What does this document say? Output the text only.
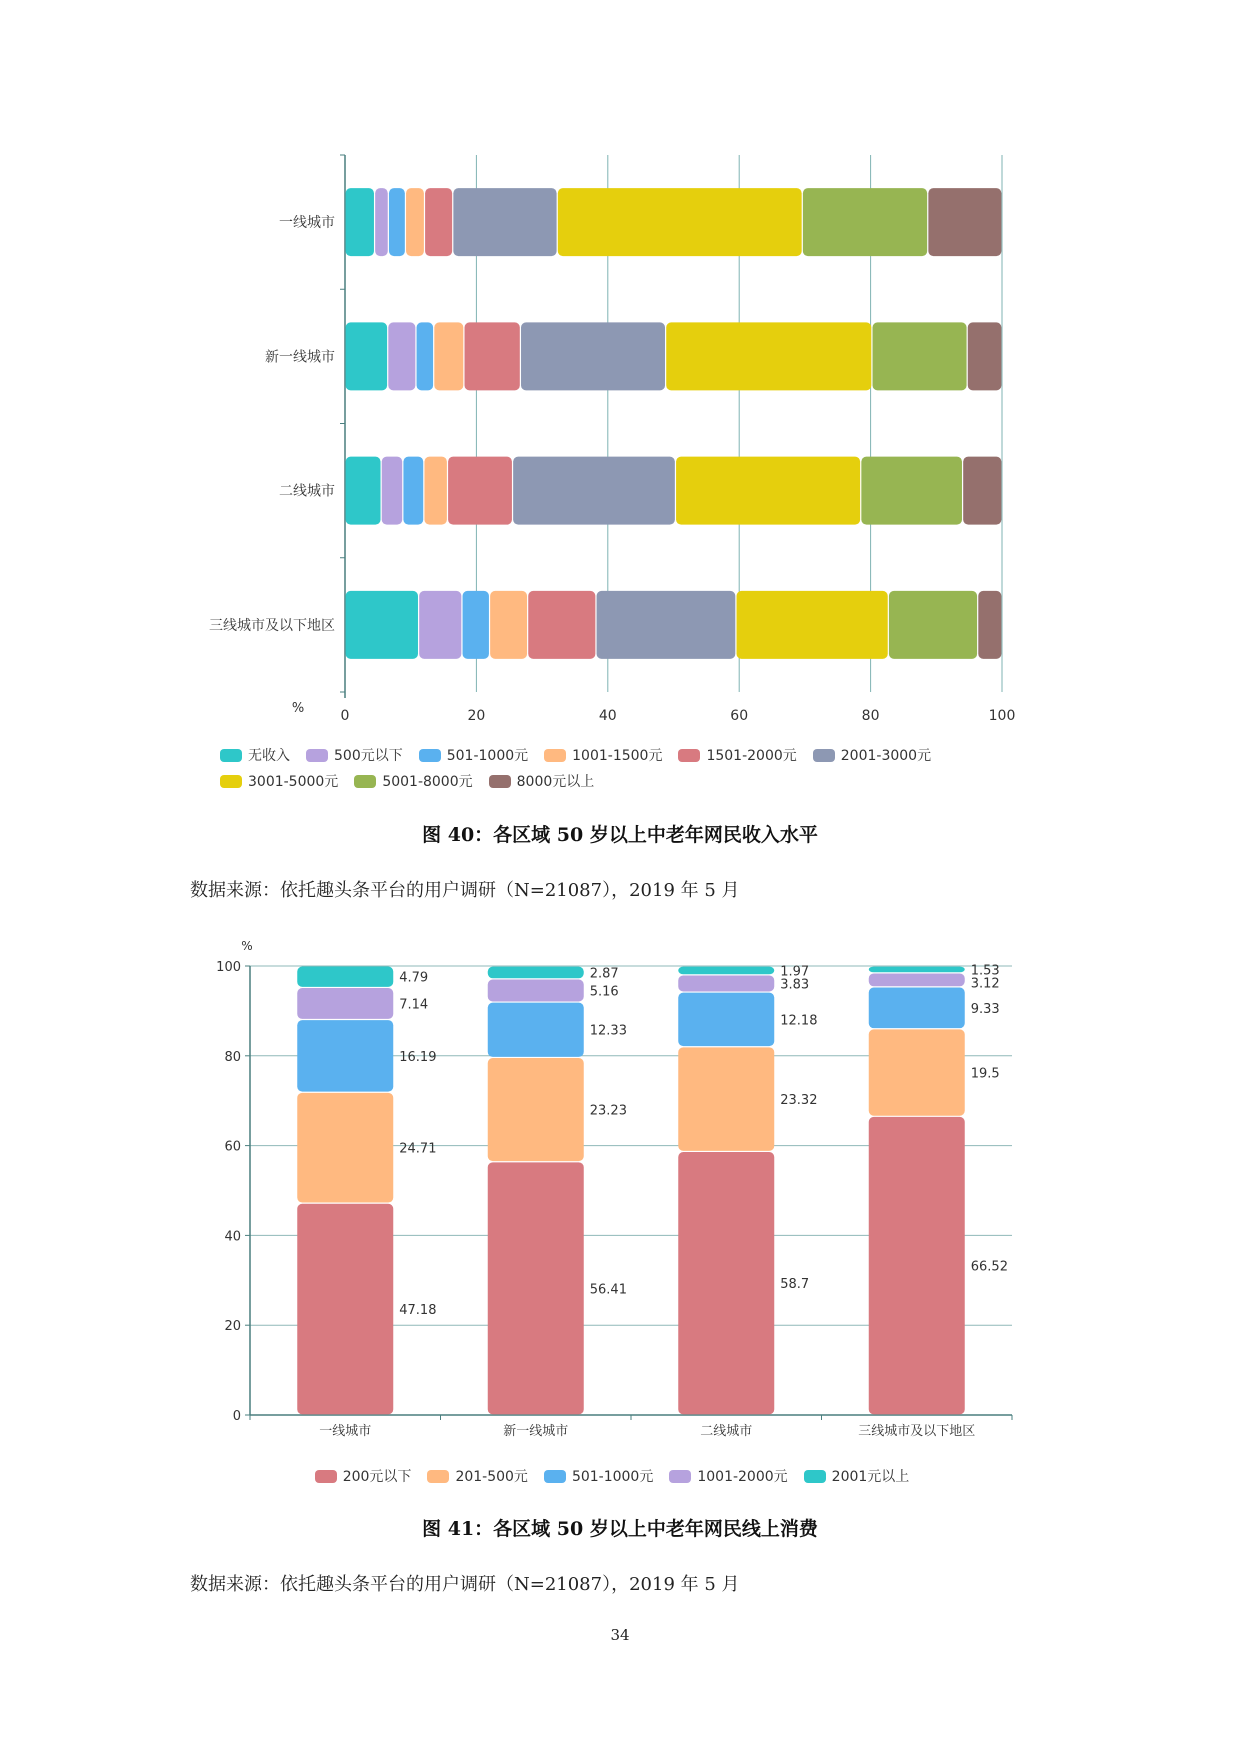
0	20	40	60	80	100
%
一线城市
新一线城市
二线城市
三线城市及以下地区
无收入	500元以下	501-1000元	1001-1500元	1501-2000元	2001-3000元
3001-5000元	5001-8000元	8000元以上
图 40：各区域 50 岁以上中老年网民收入水平
数据来源：依托趣头条平台的用户调研（N=21087），2019 年 5 月
0
20
40
60
80
100
%
一线城市
47.18
24.71
16.19
7.14
4.79
新一线城市
56.41
23.23
12.33
5.16
2.87
二线城市
58.7
23.32
12.18
3.83
1.97
三线城市及以下地区
66.52
19.5
9.33
3.12
1.53
200元以下	201-500元	501-1000元	1001-2000元	2001元以上
图 41：各区域 50 岁以上中老年网民线上消费
数据来源：依托趣头条平台的用户调研（N=21087），2019 年 5 月
34
